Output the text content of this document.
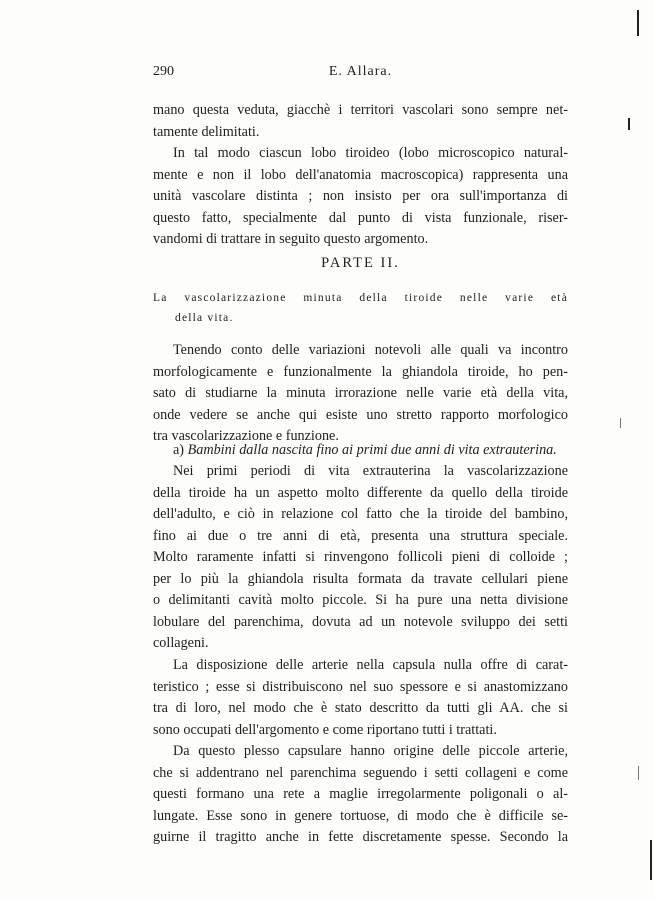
290	E. Allara.

mano questa veduta, giacchè i territori vascolari sono sempre net-
tamente delimitati.

In tal modo ciascun lobo tiroideo (lobo microscopico natural-
mente e non il lobo dell'anatomia macroscopica) rappresenta una
unità vascolare distinta ; non insisto per ora sull'importanza di
questo fatto, specialmente dal punto di vista funzionale, riser-
vandomi di trattare in seguito questo argomento.

PARTE II.
La vascolarizzazione minuta della tiroide nelle varie età
della vita.

Tenendo conto delle variazioni notevoli alle quali va incontro
morfologicamente e funzionalmente la ghiandola tiroide, ho pen-
sato di studiarne la minuta irrorazione nelle varie età della vita,
onde vedere se anche qui esiste uno stretto rapporto morfologico
tra vascolarizzazione e funzione.

a) Bambini dalla nascita fino ai primi due anni di vita extrauterina.

Nei primi periodi di vita extrauterina la vascolarizzazione
della tiroide ha un aspetto molto differente da quello della tiroide
dell'adulto, e ciò in relazione col fatto che la tiroide del bambino,
fino ai due o tre anni di età, presenta una struttura speciale.
Molto raramente infatti si rinvengono follicoli pieni di colloide ;
per lo più la ghiandola risulta formata da travate cellulari piene
o delimitanti cavità molto piccole. Si ha pure una netta divisione
lobulare del parenchima, dovuta ad un notevole sviluppo dei setti
collageni.

La disposizione delle arterie nella capsula nulla offre di carat-
teristico ; esse si distribuiscono nel suo spessore e si anastomizzano
tra di loro, nel modo che è stato descritto da tutti gli AA. che si
sono occupati dell'argomento e come riportano tutti i trattati.

Da questo plesso capsulare hanno origine delle piccole arterie,
che si addentrano nel parenchima seguendo i setti collageni e come
questi formano una rete a maglie irregolarmente poligonali o al-
lungate. Esse sono in genere tortuose, di modo che è difficile se-
guirne il tragitto anche in fette discretamente spesse. Secondo la
